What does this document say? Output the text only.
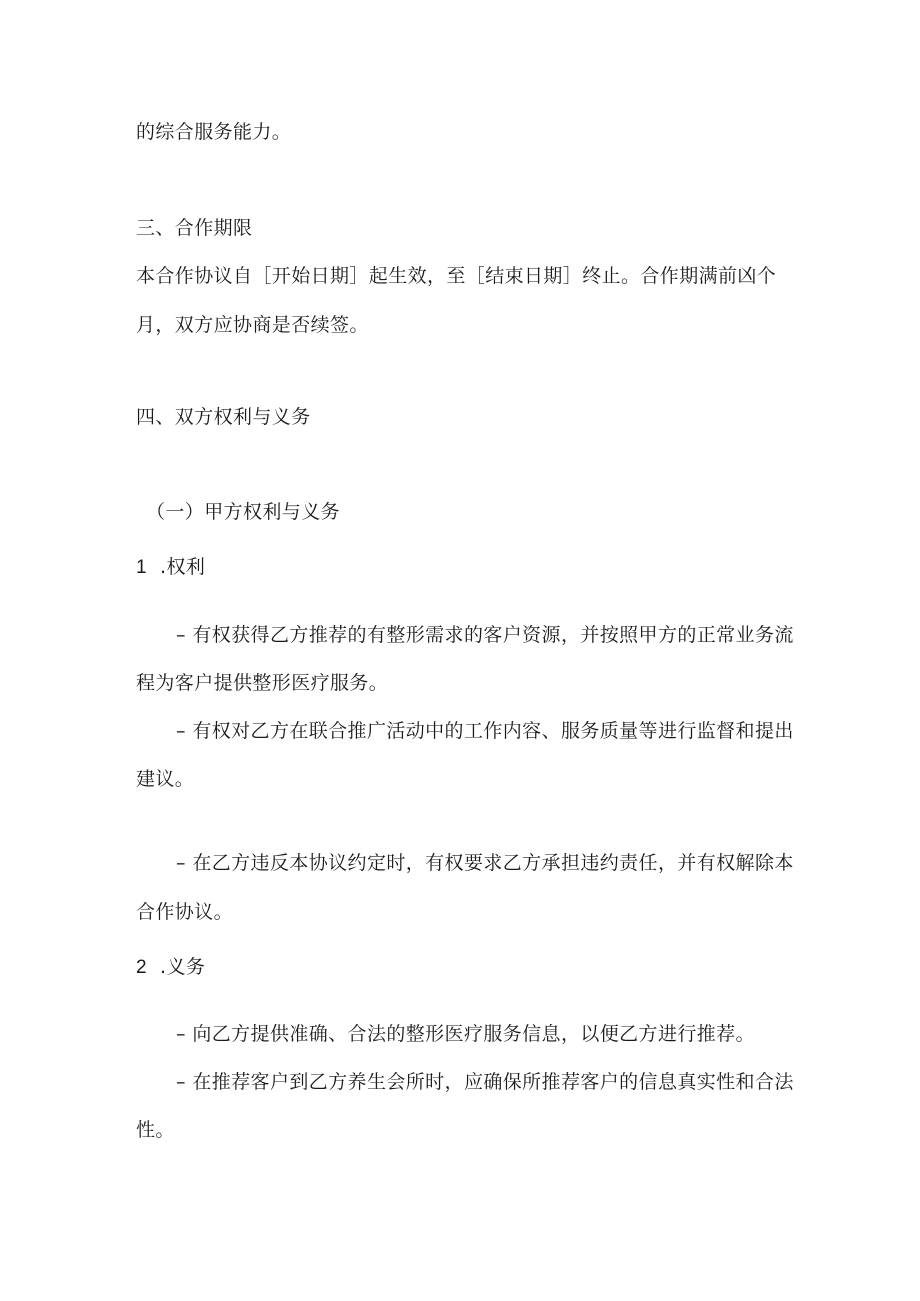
的综合服务能力。
三、合作期限
本合作协议自［开始日期］起生效，至［结束日期］终止。合作期满前凶个
月，双方应协商是否续签。
四、双方权利与义务
（一）甲方权利与义务
1 .权利
– 有权获得乙方推荐的有整形需求的客户资源，并按照甲方的正常业务流
程为客户提供整形医疗服务。
– 有权对乙方在联合推广活动中的工作内容、服务质量等进行监督和提出
建议。
– 在乙方违反本协议约定时，有权要求乙方承担违约责任，并有权解除本
合作协议。
2 .义务
– 向乙方提供准确、合法的整形医疗服务信息，以便乙方进行推荐。
– 在推荐客户到乙方养生会所时，应确保所推荐客户的信息真实性和合法
性。
